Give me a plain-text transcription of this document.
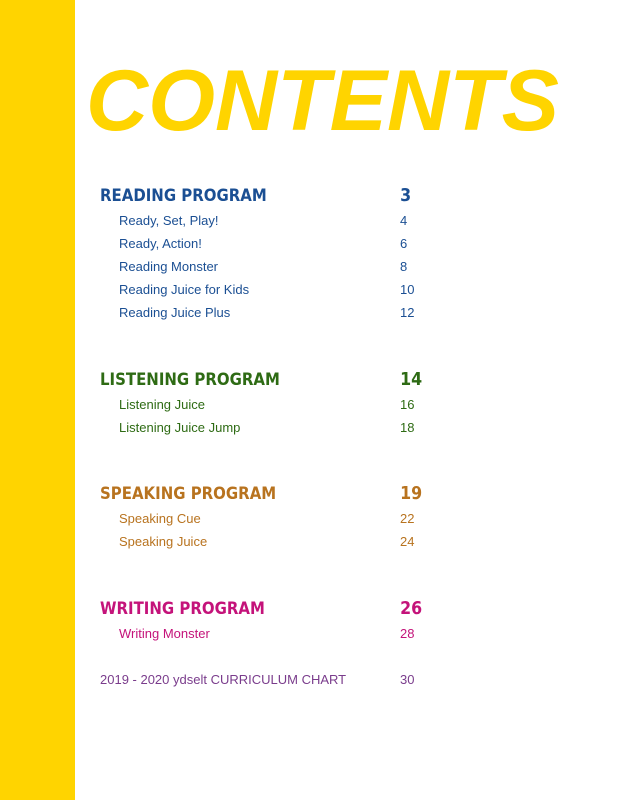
CONTENTS
READING PROGRAM	3
Ready, Set, Play!	4
Ready, Action!	6
Reading Monster	8
Reading Juice for Kids	10
Reading Juice Plus	12
LISTENING PROGRAM	14
Listening Juice	16
Listening Juice Jump	18
SPEAKING PROGRAM	19
Speaking Cue	22
Speaking Juice	24
WRITING PROGRAM	26
Writing Monster	28
2019 - 2020 ydselt CURRICULUM CHART	30
